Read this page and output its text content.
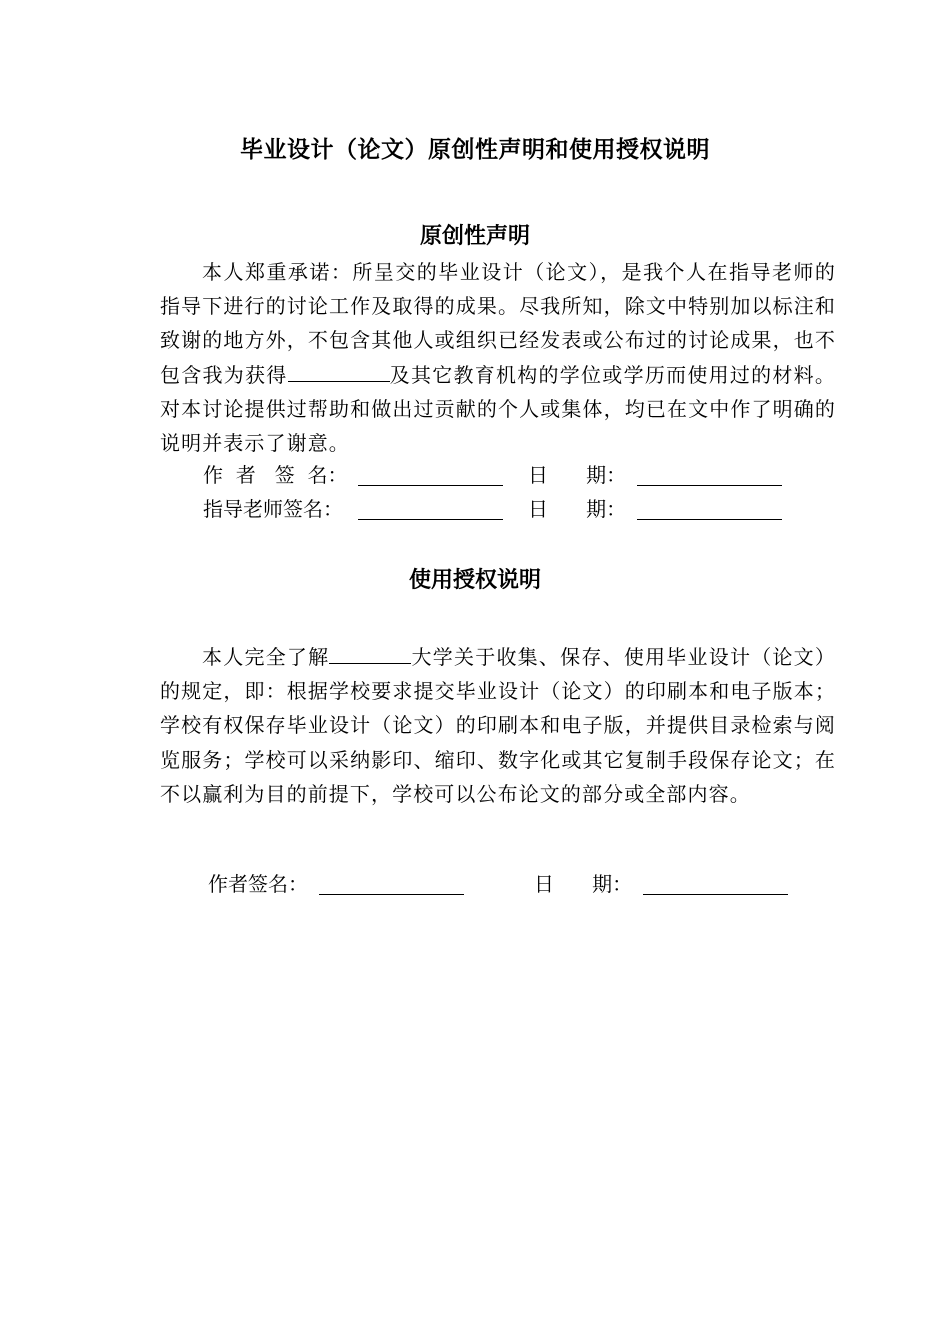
毕业设计（论文）原创性声明和使用授权说明
原创性声明

本人郑重承诺：所呈交的毕业设计（论文），是我个人在指导老师的指导下进行的讨论工作及取得的成果。尽我所知，除文中特别加以标注和致谢的地方外，不包含其他人或组织已经发表或公布过的讨论成果，也不包含我为获得	及其它教育机构的学位或学历而使用过的材料。对本讨论提供过帮助和做出过贡献的个人或集体，均已在文中作了明确的说明并表示了谢意。

作  者   签  名：	日      期：
指导老师签名：	日      期：
使用授权说明

本人完全了解	大学关于收集、保存、使用毕业设计（论文）的规定，即：根据学校要求提交毕业设计（论文）的印刷本和电子版本；学校有权保存毕业设计（论文）的印刷本和电子版，并提供目录检索与阅览服务；学校可以采纳影印、缩印、数字化或其它复制手段保存论文；在不以赢利为目的前提下，学校可以公布论文的部分或全部内容。

作者签名：	日      期：
